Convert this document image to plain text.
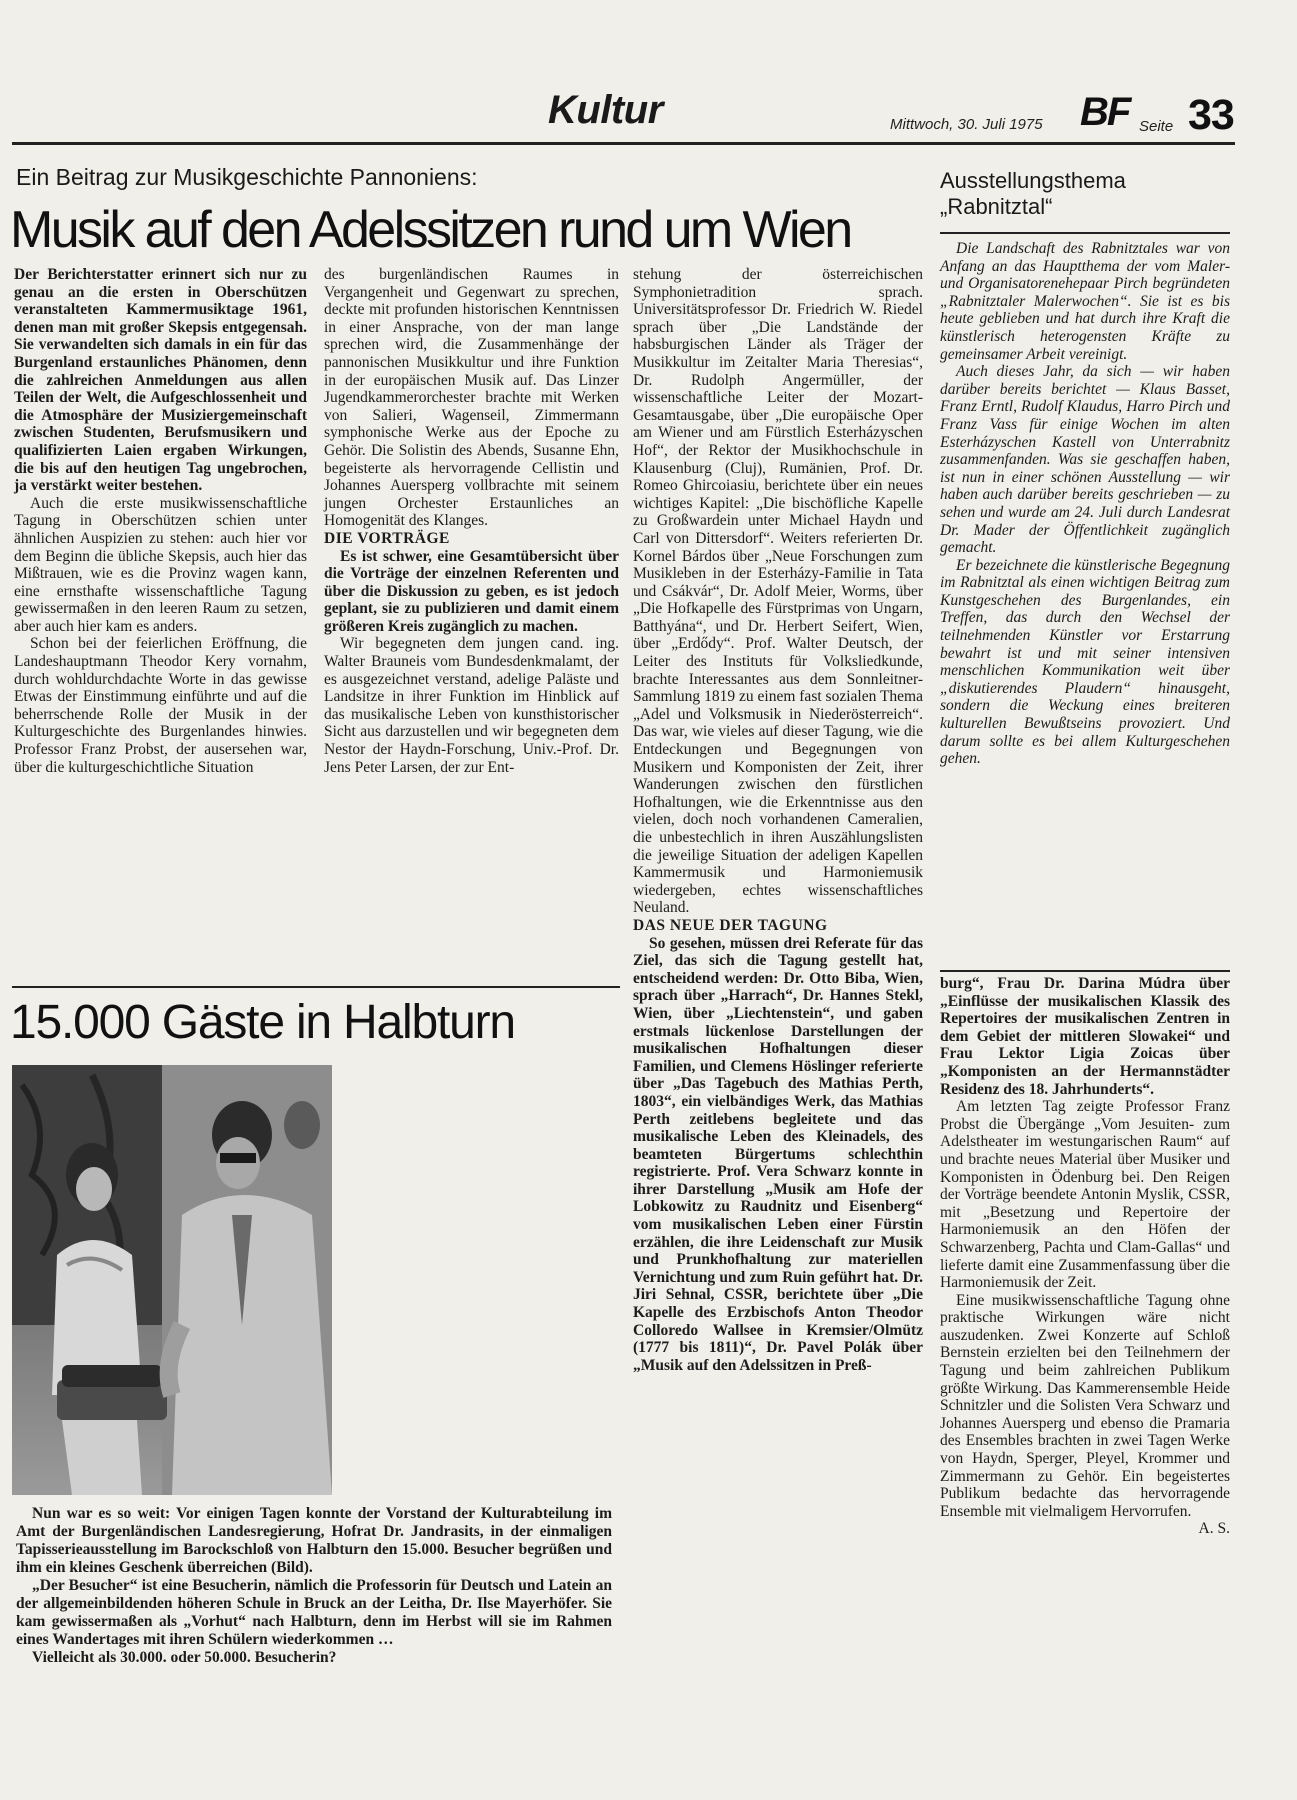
Kultur	Mittwoch, 30. Juli 1975 BF Seite 33
Ein Beitrag zur Musikgeschichte Pannoniens:
Musik auf den Adelssitzen rund um Wien

Der Berichterstatter erinnert sich nur zu genau an die ersten in Oberschützen veranstalteten Kammermusiktage 1961, denen man mit großer Skepsis entgegensah. Sie verwandelten sich damals in ein für das Burgenland erstaunliches Phänomen, denn die zahlreichen Anmeldungen aus allen Teilen der Welt, die Aufgeschlossenheit und die Atmosphäre der Musiziergemeinschaft zwischen Studenten, Berufsmusikern und qualifizierten Laien ergaben Wirkungen, die bis auf den heutigen Tag ungebrochen, ja verstärkt weiter bestehen.

Auch die erste musikwissenschaftliche Tagung in Oberschützen schien unter ähnlichen Auspizien zu stehen: auch hier vor dem Beginn die übliche Skepsis, auch hier das Mißtrauen, wie es die Provinz wagen kann, eine ernsthafte wissenschaftliche Tagung gewissermaßen in den leeren Raum zu setzen, aber auch hier kam es anders.

Schon bei der feierlichen Eröffnung, die Landeshauptmann Theodor Kery vornahm, durch wohldurchdachte Worte in das gewisse Etwas der Einstimmung einführte und auf die beherrschende Rolle der Musik in der Kulturgeschichte des Burgenlandes hinwies. Professor Franz Probst, der ausersehen war, über die kulturgeschichtliche Situation

des burgenländischen Raumes in Vergangenheit und Gegenwart zu sprechen, deckte mit profunden historischen Kenntnissen in einer Ansprache, von der man lange sprechen wird, die Zusammenhänge der pannonischen Musikkultur und ihre Funktion in der europäischen Musik auf. Das Linzer Jugendkammerorchester brachte mit Werken von Salieri, Wagenseil, Zimmermann symphonische Werke aus der Epoche zu Gehör. Die Solistin des Abends, Susanne Ehn, begeisterte als hervorragende Cellistin und Johannes Auersperg vollbrachte mit seinem jungen Orchester Erstaunliches an Homogenität des Klanges.

DIE VORTRÄGE

Es ist schwer, eine Gesamtübersicht über die Vorträge der einzelnen Referenten und über die Diskussion zu geben, es ist jedoch geplant, sie zu publizieren und damit einem größeren Kreis zugänglich zu machen.

Wir begegneten dem jungen cand. ing. Walter Brauneis vom Bundesdenkmalamt, der es ausgezeichnet verstand, adelige Paläste und Landsitze in ihrer Funktion im Hinblick auf das musikalische Leben von kunsthistorischer Sicht aus darzustellen und wir begegneten dem Nestor der Haydn-Forschung, Univ.-Prof. Dr. Jens Peter Larsen, der zur Ent-

stehung der österreichischen Symphonietradition sprach. Universitätsprofessor Dr. Friedrich W. Riedel sprach über „Die Landstände der habsburgischen Länder als Träger der Musikkultur im Zeitalter Maria Theresias“, Dr. Rudolph Angermüller, der wissenschaftliche Leiter der Mozart-Gesamtausgabe, über „Die europäische Oper am Wiener und am Fürstlich Esterházyschen Hof“, der Rektor der Musikhochschule in Klausenburg (Cluj), Rumänien, Prof. Dr. Romeo Ghircoiasiu, berichtete über ein neues wichtiges Kapitel: „Die bischöfliche Kapelle zu Großwardein unter Michael Haydn und Carl von Dittersdorf“. Weiters referierten Dr. Kornel Bárdos über „Neue Forschungen zum Musikleben in der Esterházy-Familie in Tata und Csákvár“, Dr. Adolf Meier, Worms, über „Die Hofkapelle des Fürstprimas von Ungarn, Batthyána“, und Dr. Herbert Seifert, Wien, über „Erdődy“. Prof. Walter Deutsch, der Leiter des Instituts für Volksliedkunde, brachte Interessantes aus dem Sonnleitner-Sammlung 1819 zu einem fast sozialen Thema „Adel und Volksmusik in Niederösterreich“. Das war, wie vieles auf dieser Tagung, wie die Entdeckungen und Begegnungen von Musikern und Komponisten der Zeit, ihrer Wanderungen zwischen den fürstlichen Hofhaltungen, wie die Erkenntnisse aus den vielen, doch noch vorhandenen Cameralien, die unbestechlich in ihren Auszählungslisten die jeweilige Situation der adeligen Kapellen Kammermusik und Harmoniemusik wiedergeben, echtes wissenschaftliches Neuland.

DAS NEUE DER TAGUNG

So gesehen, müssen drei Referate für das Ziel, das sich die Tagung gestellt hat, entscheidend werden: Dr. Otto Biba, Wien, sprach über „Harrach“, Dr. Hannes Stekl, Wien, über „Liechtenstein“, und gaben erstmals lückenlose Darstellungen der musikalischen Hofhaltungen dieser Familien, und Clemens Höslinger referierte über „Das Tagebuch des Mathias Perth, 1803“, ein vielbändiges Werk, das Mathias Perth zeitlebens begleitete und das musikalische Leben des Kleinadels, des beamteten Bürgertums schlechthin registrierte. Prof. Vera Schwarz konnte in ihrer Darstellung „Musik am Hofe der Lobkowitz zu Raudnitz und Eisenberg“ vom musikalischen Leben einer Fürstin erzählen, die ihre Leidenschaft zur Musik und Prunkhofhaltung zur materiellen Vernichtung und zum Ruin geführt hat. Dr. Jiri Sehnal, CSSR, berichtete über „Die Kapelle des Erzbischofs Anton Theodor Colloredo Wallsee in Kremsier/Olmütz (1777 bis 1811)“, Dr. Pavel Polák über „Musik auf den Adelssitzen in Preß-

Ausstellungsthema
„Rabnitztal“

Die Landschaft des Rabnitztales war von Anfang an das Hauptthema der vom Maler- und Organisatorenehepaar Pirch begründeten „Rabnitztaler Malerwochen“. Sie ist es bis heute geblieben und hat durch ihre Kraft die künstlerisch heterogensten Kräfte zu gemeinsamer Arbeit vereinigt.

Auch dieses Jahr, da sich — wir haben darüber bereits berichtet — Klaus Basset, Franz Erntl, Rudolf Klaudus, Harro Pirch und Franz Vass für einige Wochen im alten Esterházyschen Kastell von Unterrabnitz zusammenfanden. Was sie geschaffen haben, ist nun in einer schönen Ausstellung — wir haben auch darüber bereits geschrieben — zu sehen und wurde am 24. Juli durch Landesrat Dr. Mader der Öffentlichkeit zugänglich gemacht.

Er bezeichnete die künstlerische Begegnung im Rabnitztal als einen wichtigen Beitrag zum Kunstgeschehen des Burgenlandes, ein Treffen, das durch den Wechsel der teilnehmenden Künstler vor Erstarrung bewahrt ist und mit seiner intensiven menschlichen Kommunikation weit über „diskutierendes Plaudern“ hinausgeht, sondern die Weckung eines breiteren kulturellen Bewußtseins provoziert. Und darum sollte es bei allem Kulturgeschehen gehen.

burg“, Frau Dr. Darina Múdra über „Einflüsse der musikalischen Klassik des Repertoires der musikalischen Zentren in dem Gebiet der mittleren Slowakei“ und Frau Lektor Ligia Zoicas über „Komponisten an der Hermannstädter Residenz des 18. Jahrhunderts“.

Am letzten Tag zeigte Professor Franz Probst die Übergänge „Vom Jesuiten- zum Adelstheater im westungarischen Raum“ auf und brachte neues Material über Musiker und Komponisten in Ödenburg bei. Den Reigen der Vorträge beendete Antonin Myslik, CSSR, mit „Besetzung und Repertoire der Harmoniemusik an den Höfen der Schwarzenberg, Pachta und Clam-Gallas“ und lieferte damit eine Zusammenfassung über die Harmoniemusik der Zeit.

Eine musikwissenschaftliche Tagung ohne praktische Wirkungen wäre nicht auszudenken. Zwei Konzerte auf Schloß Bernstein erzielten bei den Teilnehmern der Tagung und beim zahlreichen Publikum größte Wirkung. Das Kammerensemble Heide Schnitzler und die Solisten Vera Schwarz und Johannes Auersperg und ebenso die Pramaria des Ensembles brachten in zwei Tagen Werke von Haydn, Sperger, Pleyel, Krommer und Zimmermann zu Gehör. Ein begeistertes Publikum bedachte das hervorragende Ensemble mit vielmaligem Hervorrufen.

A. S.

15.000 Gäste in Halbturn

Nun war es so weit: Vor einigen Tagen konnte der Vorstand der Kulturabteilung im Amt der Burgenländischen Landesregierung, Hofrat Dr. Jandrasits, in der einmaligen Tapisserieausstellung im Barockschloß von Halbturn den 15.000. Besucher begrüßen und ihm ein kleines Geschenk überreichen (Bild).

„Der Besucher“ ist eine Besucherin, nämlich die Professorin für Deutsch und Latein an der allgemeinbildenden höheren Schule in Bruck an der Leitha, Dr. Ilse Mayerhöfer. Sie kam gewissermaßen als „Vorhut“ nach Halbturn, denn im Herbst will sie im Rahmen eines Wandertages mit ihren Schülern wiederkommen …

Vielleicht als 30.000. oder 50.000. Besucherin?
